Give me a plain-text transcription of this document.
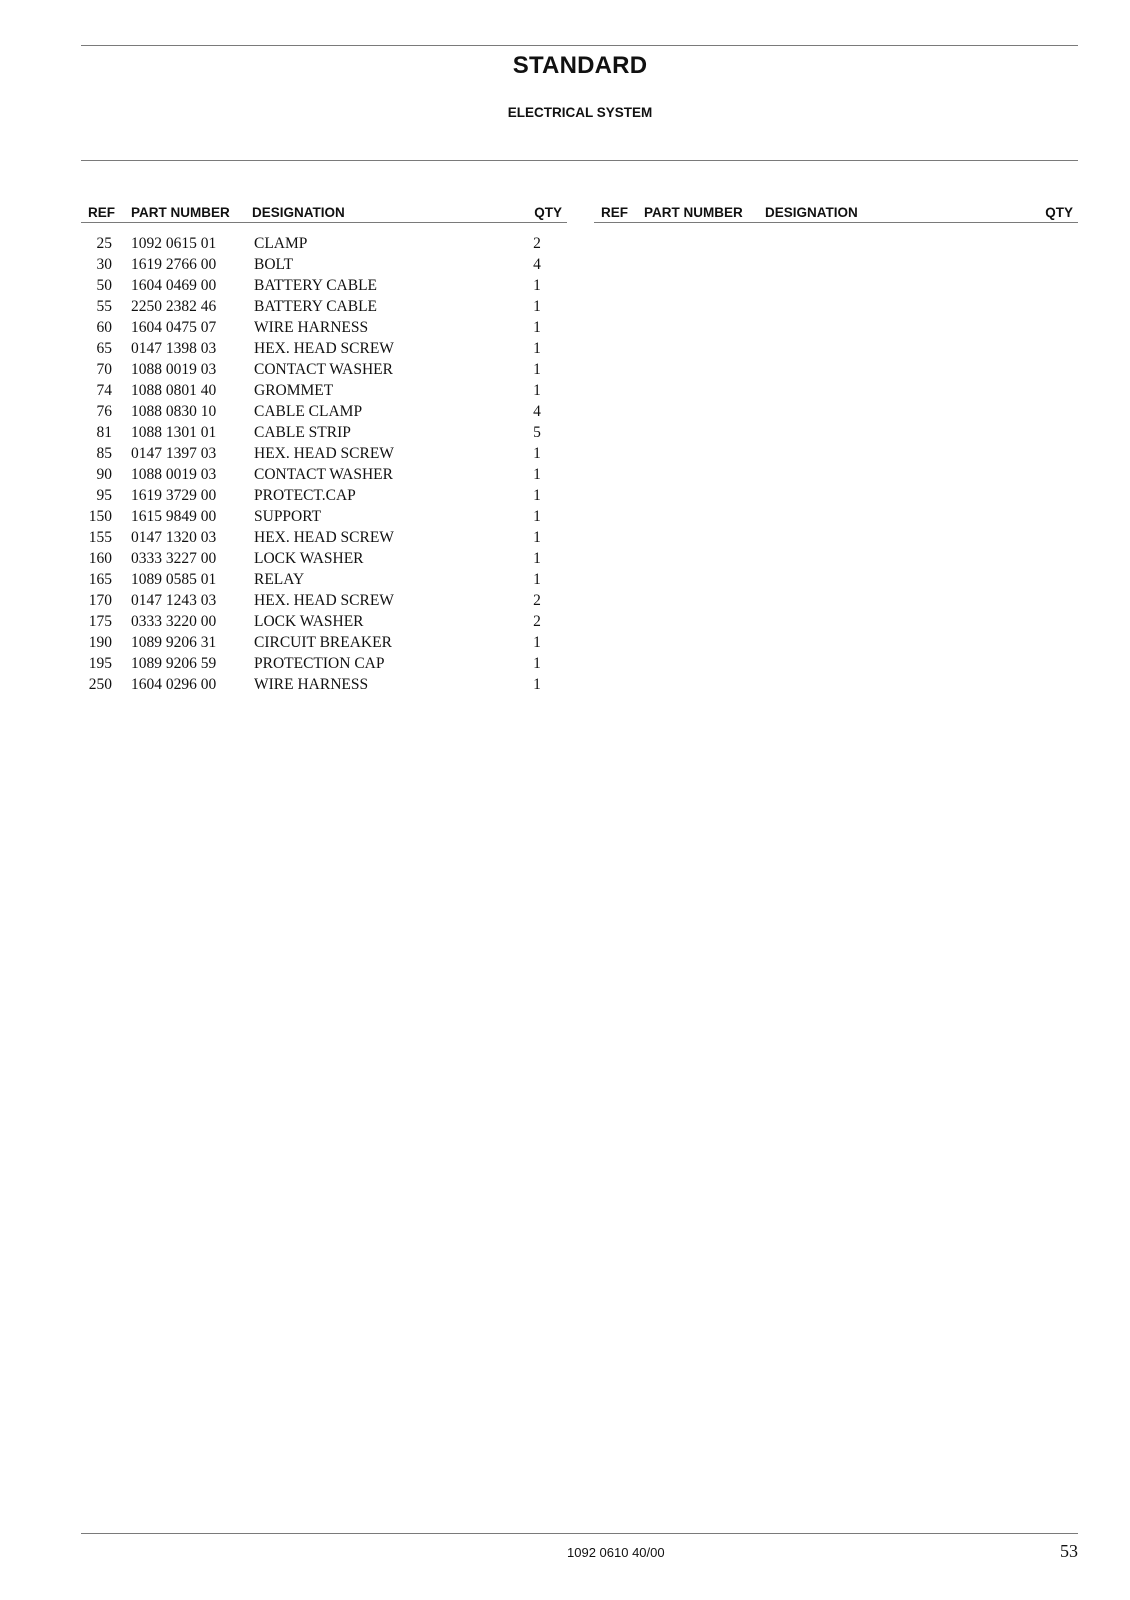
STANDARD
ELECTRICAL SYSTEM
REF PART NUMBER DESIGNATION	QTY
25 1092 0615 01 CLAMP	2
30 1619 2766 00 BOLT	4
50 1604 0469 00 BATTERY CABLE	1
55 2250 2382 46 BATTERY CABLE	1
60 1604 0475 07 WIRE HARNESS	1
65 0147 1398 03 HEX. HEAD SCREW	1
70 1088 0019 03 CONTACT WASHER	1
74 1088 0801 40 GROMMET	1
76 1088 0830 10 CABLE CLAMP	4
81 1088 1301 01 CABLE STRIP	5
85 0147 1397 03 HEX. HEAD SCREW	1
90 1088 0019 03 CONTACT WASHER	1
95 1619 3729 00 PROTECT.CAP	1
150 1615 9849 00 SUPPORT	1
155 0147 1320 03 HEX. HEAD SCREW	1
160 0333 3227 00 LOCK WASHER	1
165 1089 0585 01 RELAY	1
170 0147 1243 03 HEX. HEAD SCREW	2
175 0333 3220 00 LOCK WASHER	2
190 1089 9206 31 CIRCUIT BREAKER	1
195 1089 9206 59 PROTECTION CAP	1
250 1604 0296 00 WIRE HARNESS	1
REF PART NUMBER DESIGNATION	QTY
1092 0610 40/00	53
